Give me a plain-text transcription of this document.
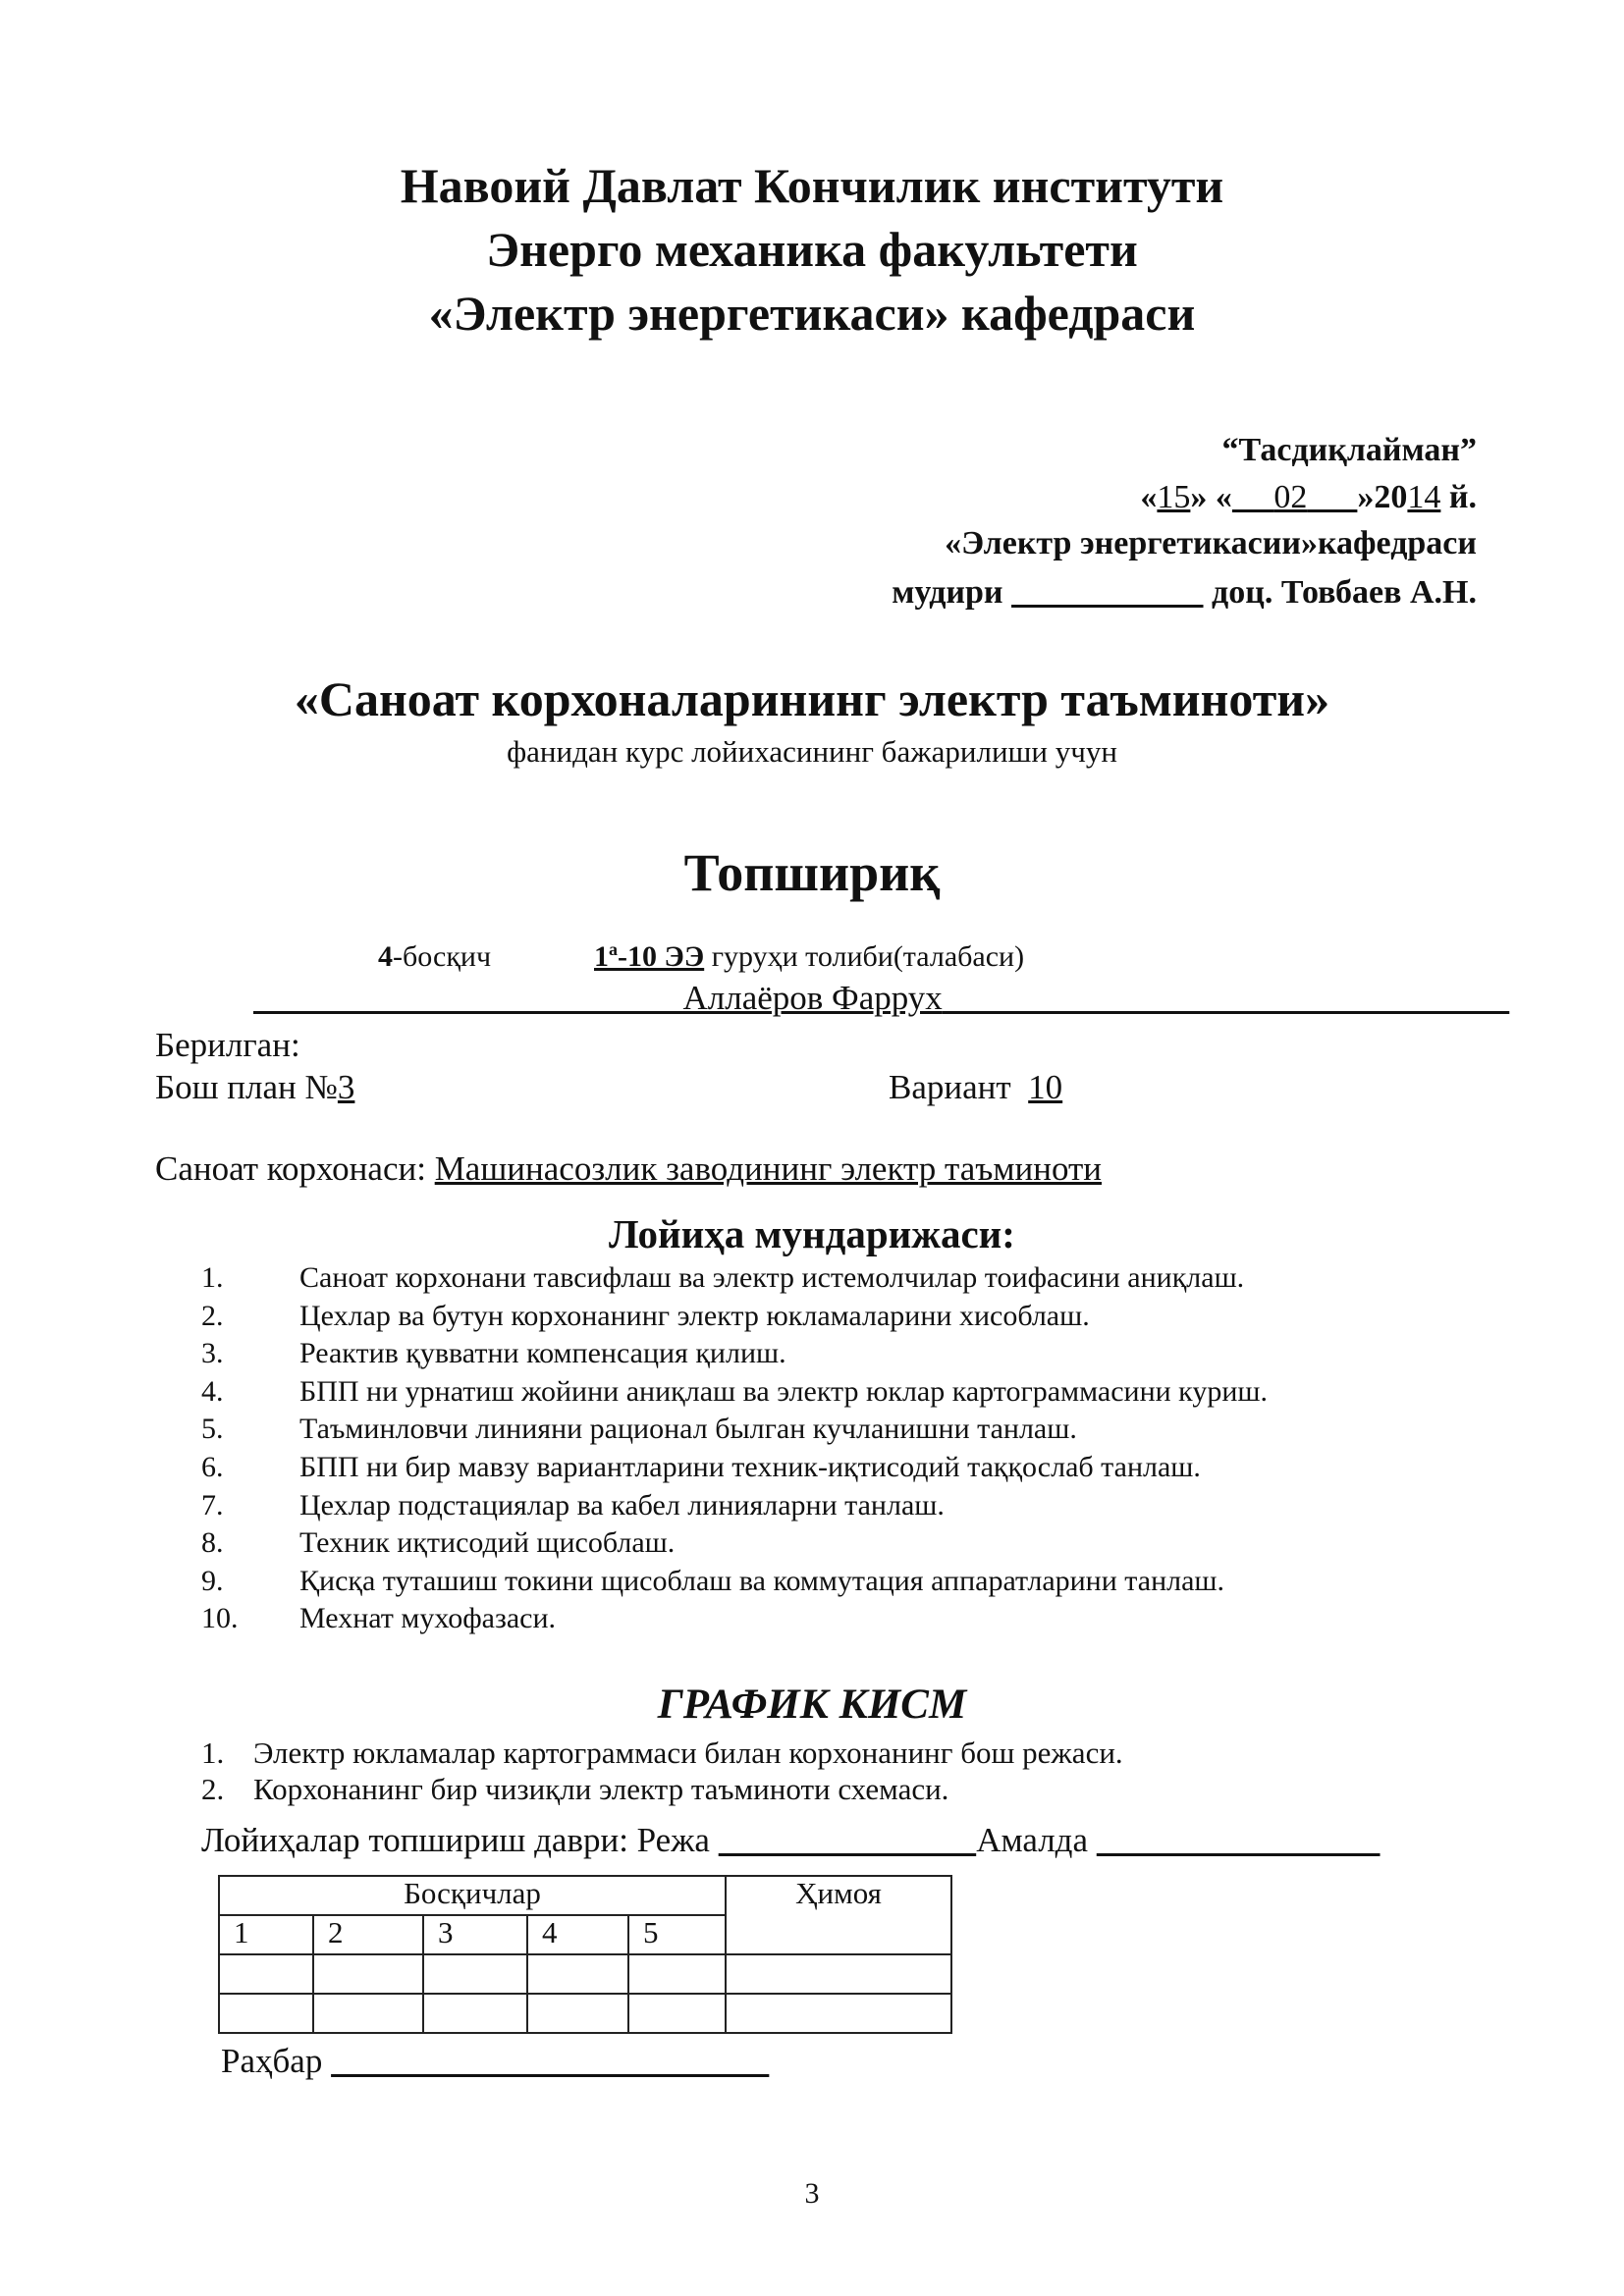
Навоий Давлат Кончилик институти
Энерго механика факультети
«Электр энергетикаси» кафедраси
“Тасдиқлайман”
«15» « 02 »2014 й.
«Электр энергетикасии»кафедраси
мудири	доц. Товбаев А.Н.
«Саноат корхоналарининг электр таъминоти»
фанидан курс лойихасининг бажарилиши учун
Топшириқ
4-босқич	$1^а-10$ ЭЭ гуруҳи толиби(талабаси)
Аллаёров Фаррух
Берилган:
Бош план №3	Вариант 10
Саноат корхонаси: Машинасозлик заводининг электр таъминоти
Лойиҳа мундарижаси:
1.	Саноат корхонани тавсифлаш ва электр истемолчилар тоифасини аниқлаш.
2.	Цехлар ва бутун корхонанинг электр юкламаларини хисоблаш.
3.	Реактив қувватни компенсация қилиш.
4.	БПП ни урнатиш жойини аниқлаш ва электр юклар картограммасини куриш.
5.	Таъминловчи линияни рационал былган кучланишни танлаш.
6.	БПП ни бир мавзу вариантларини техник-иқтисодий таққослаб танлаш.
7.	Цехлар подстациялар ва кабел линияларни танлаш.
8.	Техник иқтисодий щисоблаш.
9.	Қисқа туташиш токини щисоблаш ва коммутация аппаратларини танлаш.
10. Мехнат мухофазаси.
ГРАФИК КИСМ
1. Электр юкламалар картограммаси билан корхонанинг бош режаси.
2. Корхонанинг бир чизиқли электр таъминоти схемаси.
Лойиҳалар топшириш даври: Режа	Амалда
Босқичлар					Ҳимоя
1	2	3	4	5	

Раҳбар
3
